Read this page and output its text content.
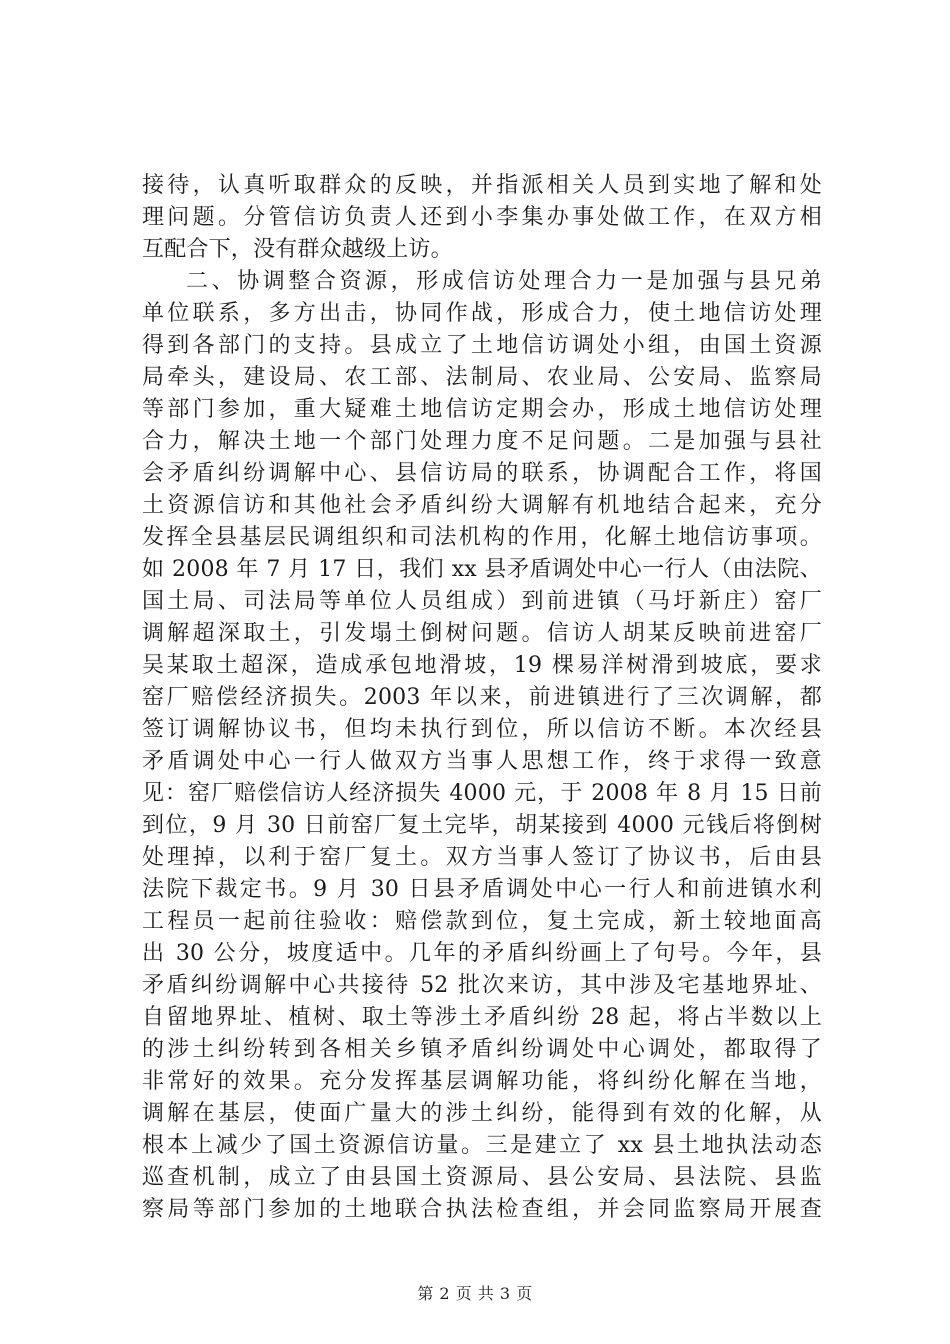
接待，认真听取群众的反映，并指派相关人员到实地了解和处
理问题。分管信访负责人还到小李集办事处做工作，在双方相
互配合下，没有群众越级上访。
二、协调整合资源，形成信访处理合力一是加强与县兄弟
单位联系，多方出击，协同作战，形成合力，使土地信访处理
得到各部门的支持。县成立了土地信访调处小组，由国土资源
局牵头，建设局、农工部、法制局、农业局、公安局、监察局
等部门参加，重大疑难土地信访定期会办，形成土地信访处理
合力，解决土地一个部门处理力度不足问题。二是加强与县社
会矛盾纠纷调解中心、县信访局的联系，协调配合工作，将国
土资源信访和其他社会矛盾纠纷大调解有机地结合起来，充分
发挥全县基层民调组织和司法机构的作用，化解土地信访事项。
如 2008 年 7 月 17 日，我们 xx 县矛盾调处中心一行人（由法院、
国土局、司法局等单位人员组成）到前进镇（马圩新庄）窑厂
调解超深取土，引发塌土倒树问题。信访人胡某反映前进窑厂
吴某取土超深，造成承包地滑坡，19 棵易洋树滑到坡底，要求
窑厂赔偿经济损失。2003 年以来，前进镇进行了三次调解，都
签订调解协议书，但均未执行到位，所以信访不断。本次经县
矛盾调处中心一行人做双方当事人思想工作，终于求得一致意
见：窑厂赔偿信访人经济损失 4000 元，于 2008 年 8 月 15 日前
到位，9 月 30 日前窑厂复土完毕，胡某接到 4000 元钱后将倒树
处理掉，以利于窑厂复土。双方当事人签订了协议书，后由县
法院下裁定书。9 月 30 日县矛盾调处中心一行人和前进镇水利
工程员一起前往验收：赔偿款到位，复土完成，新土较地面高
出 30 公分，坡度适中。几年的矛盾纠纷画上了句号。今年，县
矛盾纠纷调解中心共接待 52 批次来访，其中涉及宅基地界址、
自留地界址、植树、取土等涉土矛盾纠纷 28 起，将占半数以上
的涉土纠纷转到各相关乡镇矛盾纠纷调处中心调处，都取得了
非常好的效果。充分发挥基层调解功能，将纠纷化解在当地，
调解在基层，使面广量大的涉土纠纷，能得到有效的化解，从
根本上减少了国土资源信访量。三是建立了 xx 县土地执法动态
巡查机制，成立了由县国土资源局、县公安局、县法院、县监
察局等部门参加的土地联合执法检查组，并会同监察局开展查
第 2 页 共 3 页
